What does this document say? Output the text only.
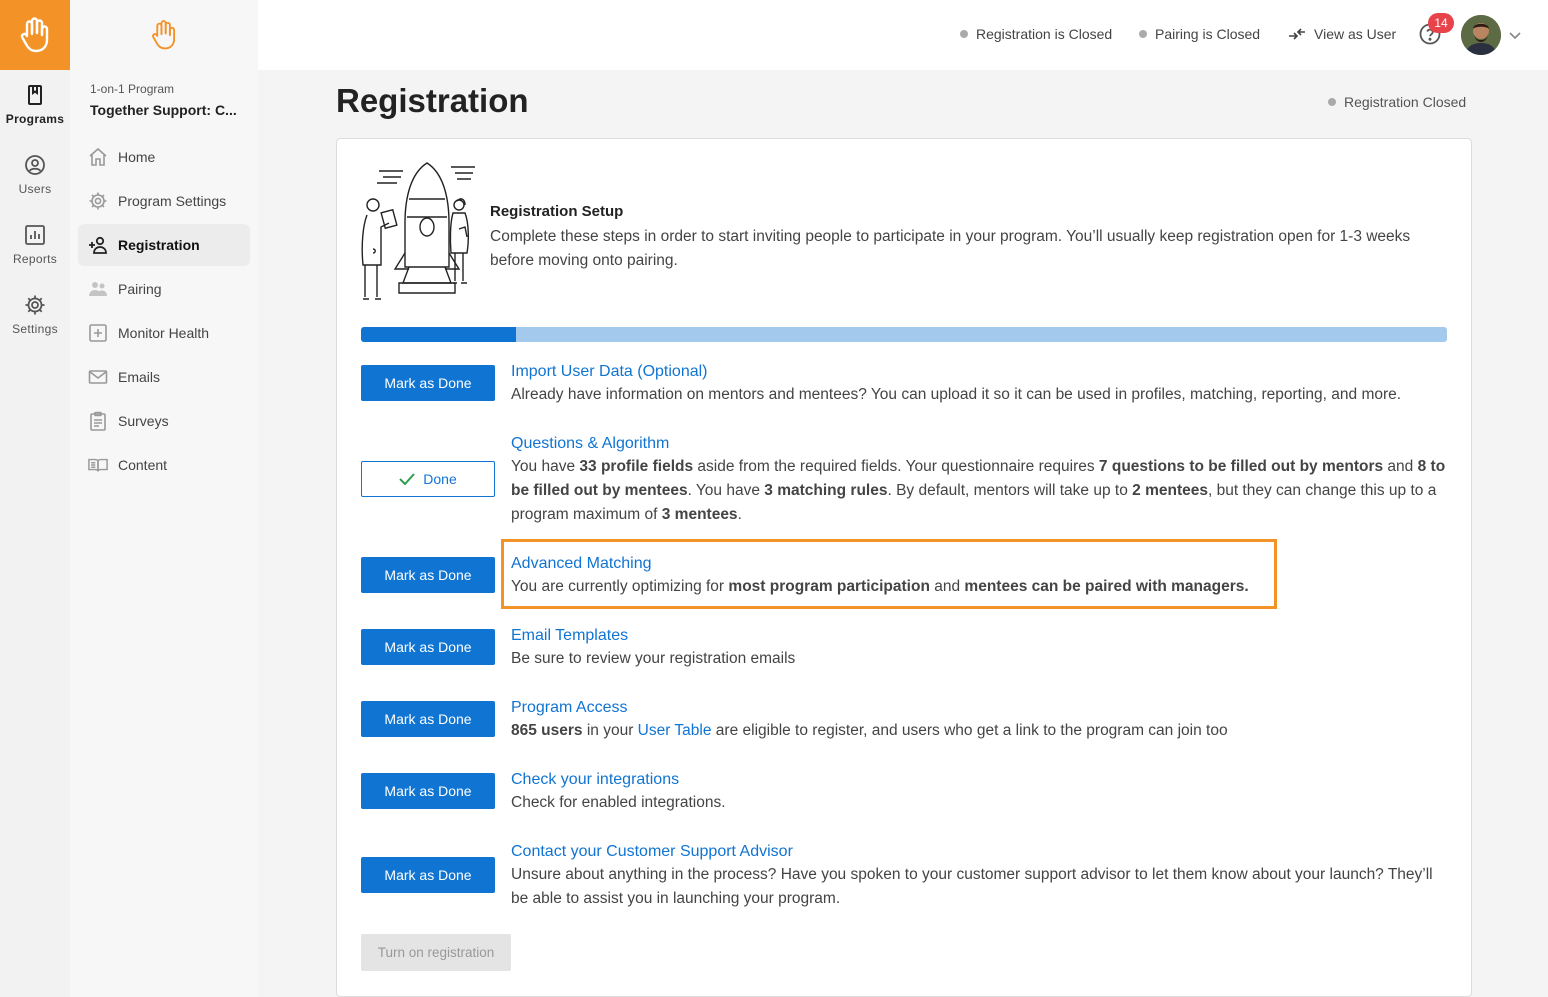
Programs
Users
Reports
Settings
1-on-1 Program
Together Support: C...
Home
Program Settings
Registration
Pairing
Monitor Health
Emails
Surveys
Content
Registration is Closed	Pairing is Closed	View as User
14
Registration	Registration Closed
Registration Setup
Complete these steps in order to start inviting people to participate in your program. You’ll usually keep registration open for 1-3 weeks before moving onto pairing.
Mark as Done
Import User Data (Optional)
Already have information on mentors and mentees? You can upload it so it can be used in profiles, matching, reporting, and more.
Done
Questions & Algorithm
You have 33 profile fields aside from the required fields. Your questionnaire requires 7 questions to be filled out by mentors and 8 to be filled out by mentees. You have 3 matching rules. By default, mentors will take up to 2 mentees, but they can change this up to a program maximum of 3 mentees.
Mark as Done
Advanced Matching
You are currently optimizing for most program participation and mentees can be paired with managers.
Mark as Done
Email Templates
Be sure to review your registration emails
Mark as Done
Program Access
865 users in your User Table are eligible to register, and users who get a link to the program can join too
Mark as Done
Check your integrations
Check for enabled integrations.
Mark as Done
Contact your Customer Support Advisor
Unsure about anything in the process? Have you spoken to your customer support advisor to let them know about your launch? They’ll be able to assist you in launching your program.
Turn on registration
